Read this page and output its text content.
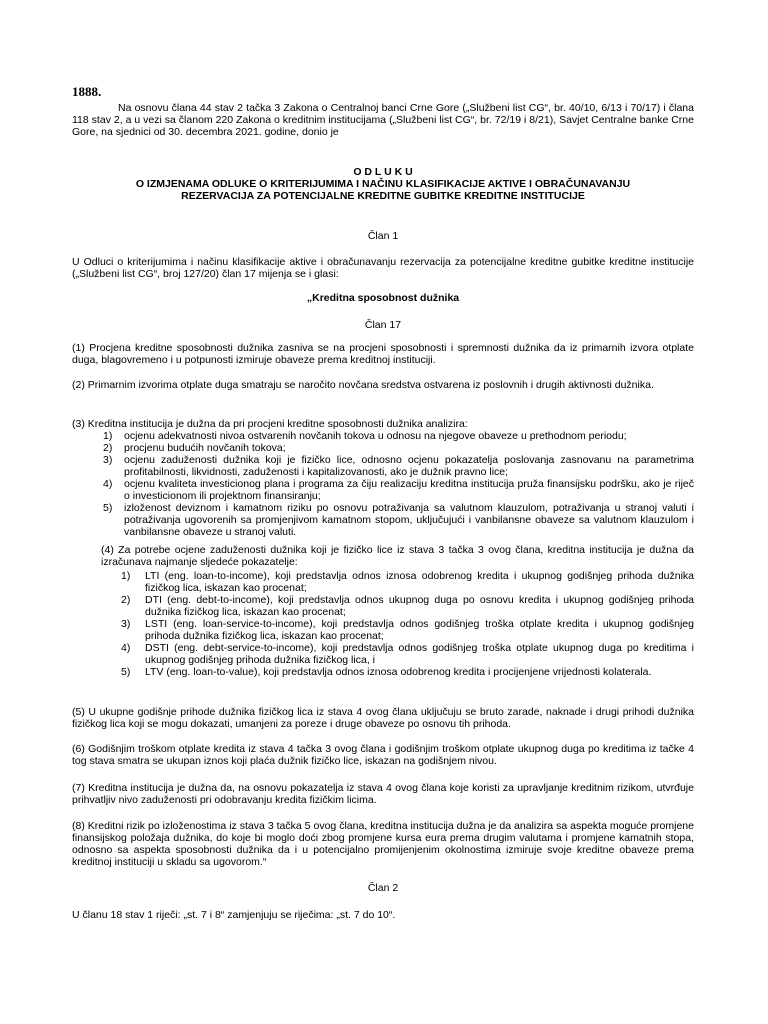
1888.
Na osnovu člana 44 stav 2 tačka 3 Zakona o Centralnoj banci Crne Gore („Službeni list CG“, br. 40/10, 6/13 i 70/17) i člana 118 stav 2, a u vezi sa članom 220 Zakona o kreditnim institucijama („Službeni list CG“, br. 72/19 i 8/21), Savjet Centralne banke Crne Gore, na sjednici od 30. decembra 2021. godine, donio je
O D L U K U
O IZMJENAMA ODLUKE O KRITERIJUMIMA I NAČINU KLASIFIKACIJE AKTIVE I OBRAČUNAVANJU
REZERVACIJA ZA POTENCIJALNE KREDITNE GUBITKE KREDITNE INSTITUCIJE
Član 1
U Odluci o kriterijumima i načinu klasifikacije aktive i obračunavanju rezervacija za potencijalne kreditne gubitke kreditne institucije („Službeni list CG“, broj 127/20) član 17 mijenja se i glasi:
„Kreditna sposobnost dužnika
Član 17
(1) Procjena kreditne sposobnosti dužnika zasniva se na procjeni sposobnosti i spremnosti dužnika da iz primarnih izvora otplate duga, blagovremeno i u potpunosti izmiruje obaveze prema kreditnoj instituciji.
(2) Primarnim izvorima otplate duga smatraju se naročito novčana sredstva ostvarena iz poslovnih i drugih aktivnosti dužnika.
(3) Kreditna institucija je dužna da pri procjeni kreditne sposobnosti dužnika analizira:
1)	ocjenu adekvatnosti nivoa ostvarenih novčanih tokova u odnosu na njegove obaveze u prethodnom periodu;
2)	procjenu budućih novčanih tokova;
3)	ocjenu zaduženosti dužnika koji je fizičko lice, odnosno ocjenu pokazatelja poslovanja zasnovanu na parametrima profitabilnosti, likvidnosti, zaduženosti i kapitalizovanosti, ako je dužnik pravno lice;
4)	ocjenu kvaliteta investicionog plana i programa za čiju realizaciju kreditna institucija pruža finansijsku podršku, ako je riječ o investicionom ili projektnom finansiranju;
5)	izloženost deviznom i kamatnom riziku po osnovu potraživanja sa valutnom klauzulom, potraživanja u stranoj valuti i potraživanja ugovorenih sa promjenjivom kamatnom stopom, uključujući i vanbilansne obaveze sa valutnom klauzulom i vanbilansne obaveze u stranoj valuti.
(4) Za potrebe ocjene zaduženosti dužnika koji je fizičko lice iz stava 3 tačka 3 ovog člana, kreditna institucija je dužna da izračunava najmanje sljedeće pokazatelje:
1)	LTI (eng. loan-to-income), koji predstavlja odnos iznosa odobrenog kredita i ukupnog godišnjeg prihoda dužnika fizičkog lica, iskazan kao procenat;
2)	DTI (eng. debt-to-income), koji predstavlja odnos ukupnog duga po osnovu kredita i ukupnog godišnjeg prihoda dužnika fizičkog lica, iskazan kao procenat;
3)	LSTI (eng. loan-service-to-income), koji predstavlja odnos godišnjeg troška otplate kredita i ukupnog godišnjeg prihoda dužnika fizičkog lica, iskazan kao procenat;
4)	DSTI (eng. debt-service-to-income), koji predstavlja odnos godišnjeg troška otplate ukupnog duga po kreditima i ukupnog godišnjeg prihoda dužnika fizičkog lica, i
5)	LTV (eng. loan-to-value), koji predstavlja odnos iznosa odobrenog kredita i procijenjene vrijednosti kolaterala.
(5) U ukupne godišnje prihode dužnika fizičkog lica iz stava 4 ovog člana uključuju se bruto zarade, naknade i drugi prihodi dužnika fizičkog lica koji se mogu dokazati, umanjeni za poreze i druge obaveze po osnovu tih prihoda.
(6) Godišnjim troškom otplate kredita iz stava 4 tačka 3 ovog člana i godišnjim troškom otplate ukupnog duga po kreditima iz tačke 4 tog stava smatra se ukupan iznos koji plaća dužnik fizičko lice, iskazan na godišnjem nivou.
(7) Kreditna institucija je dužna da, na osnovu pokazatelja iz stava 4 ovog člana koje koristi za upravljanje kreditnim rizikom, utvrđuje prihvatljiv nivo zaduženosti pri odobravanju kredita fizičkim licima.
(8) Kreditni rizik po izloženostima iz stava 3 tačka 5 ovog člana, kreditna institucija dužna je da analizira sa aspekta moguće promjene finansijskog položaja dužnika, do koje bi moglo doći zbog promjene kursa eura prema drugim valutama i promjene kamatnih stopa, odnosno sa aspekta sposobnosti dužnika da i u potencijalno promijenjenim okolnostima izmiruje svoje kreditne obaveze prema kreditnoj instituciji u skladu sa ugovorom.“
Član 2
U članu 18 stav 1 riječi: „st. 7 i 8“ zamjenjuju se riječima: „st. 7 do 10“.
